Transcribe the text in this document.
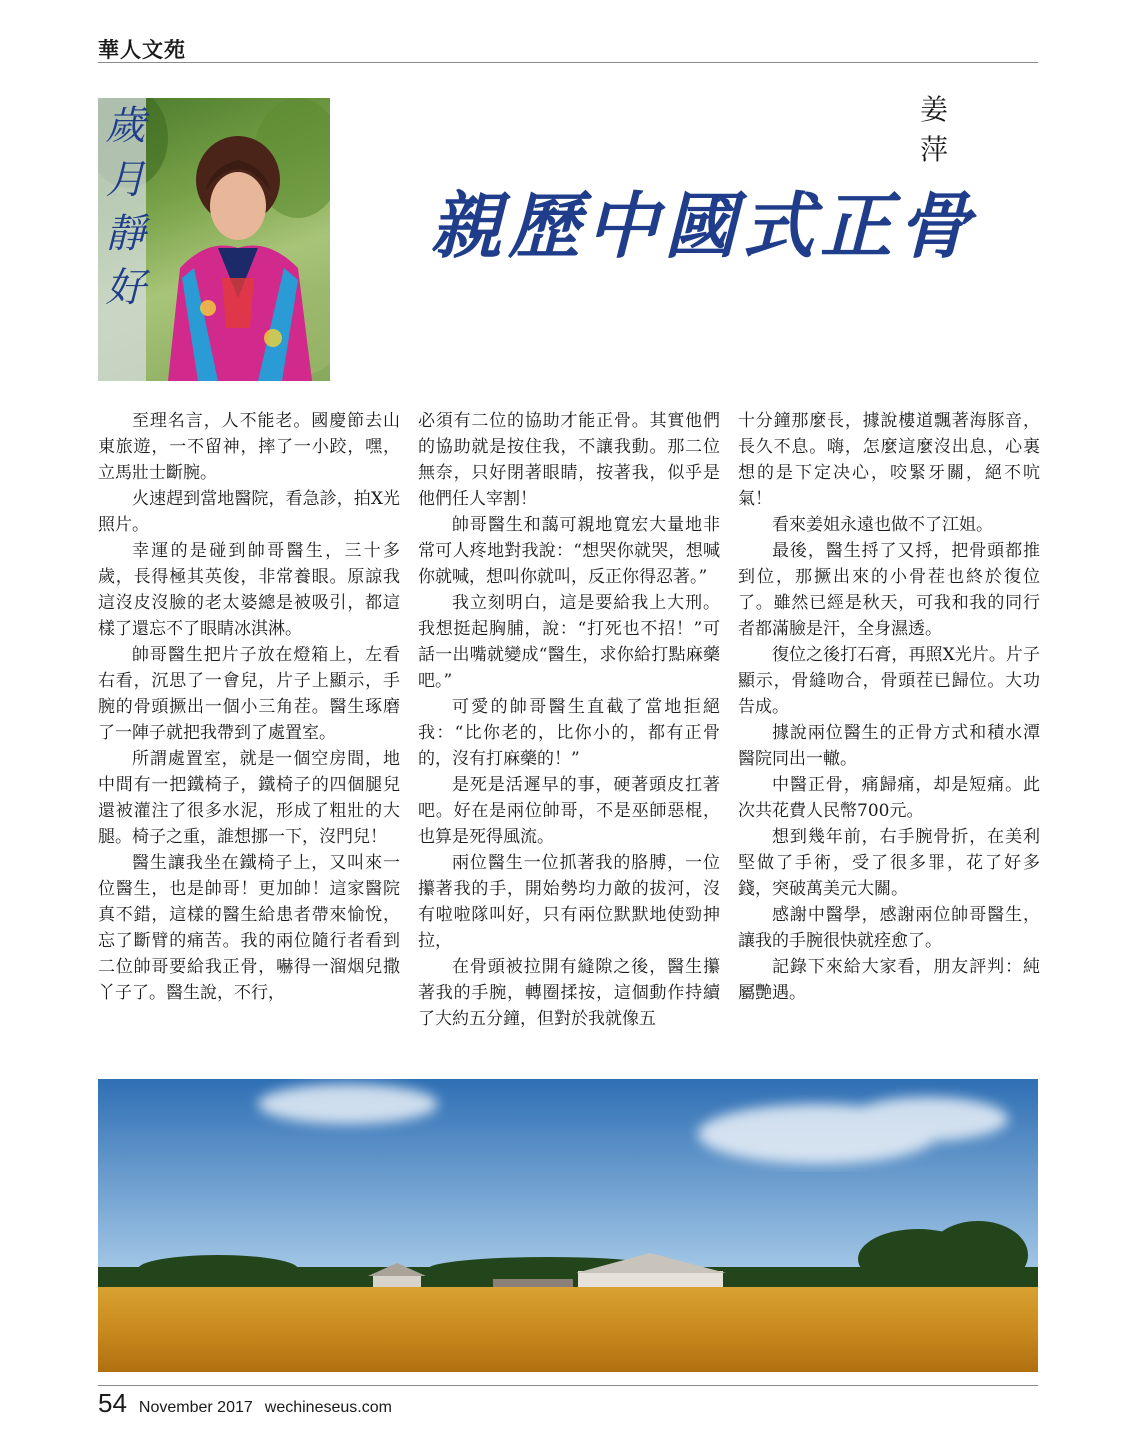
華人文苑
歲月靜好	姜 萍

親歷中國式正骨

至理名言，人不能老。國慶節去山東旅遊，一不留神，摔了一小跤，嘿，立馬壯士斷腕。

火速趕到當地醫院，看急診，拍X光照片。

幸運的是碰到帥哥醫生，三十多歲，長得極其英俊，非常養眼。原諒我這沒皮沒臉的老太婆總是被吸引，都這樣了還忘不了眼睛冰淇淋。

帥哥醫生把片子放在燈箱上，左看右看，沉思了一會兒，片子上顯示，手腕的骨頭撅出一個小三角茬。醫生琢磨了一陣子就把我帶到了處置室。

所謂處置室，就是一個空房間，地中間有一把鐵椅子，鐵椅子的四個腿兒還被灌注了很多水泥，形成了粗壯的大腿。椅子之重，誰想挪一下，沒門兒！

醫生讓我坐在鐵椅子上，又叫來一位醫生，也是帥哥！更加帥！這家醫院真不錯，這樣的醫生給患者帶來愉悅，忘了斷臂的痛苦。我的兩位隨行者看到二位帥哥要給我正骨，嚇得一溜烟兒撒丫子了。醫生說，不行，

必須有二位的協助才能正骨。其實他們的協助就是按住我，不讓我動。那二位無奈，只好閉著眼睛，按著我，似乎是他們任人宰割！

帥哥醫生和藹可親地寬宏大量地非常可人疼地對我說：“想哭你就哭，想喊你就喊，想叫你就叫，反正你得忍著。”

我立刻明白，這是要給我上大刑。我想挺起胸脯，說：“打死也不招！”可話一出嘴就變成“醫生，求你給打點麻藥吧。”

可愛的帥哥醫生直截了當地拒絕我：“比你老的，比你小的，都有正骨的，沒有打麻藥的！”

是死是活遲早的事，硬著頭皮扛著吧。好在是兩位帥哥，不是巫師惡棍，也算是死得風流。

兩位醫生一位抓著我的胳膊，一位攥著我的手，開始勢均力敵的拔河，沒有啦啦隊叫好，只有兩位默默地使勁抻拉，

在骨頭被拉開有縫隙之後，醫生攥著我的手腕，轉圈揉按，這個動作持續了大約五分鐘，但對於我就像五

十分鐘那麼長，據說樓道飄著海豚音，長久不息。嗨，怎麼這麼沒出息，心裏想的是下定决心，咬緊牙關，絕不吭氣！

看來姜姐永遠也做不了江姐。

最後，醫生捋了又捋，把骨頭都推到位，那撅出來的小骨茬也終於復位了。雖然已經是秋天，可我和我的同行者都滿臉是汗，全身濕透。

復位之後打石膏，再照X光片。片子顯示，骨縫吻合，骨頭茬已歸位。大功告成。

據說兩位醫生的正骨方式和積水潭醫院同出一轍。

中醫正骨，痛歸痛，却是短痛。此次共花費人民幣700元。

想到幾年前，右手腕骨折，在美利堅做了手術，受了很多罪，花了好多錢，突破萬美元大關。

感謝中醫學，感謝兩位帥哥醫生，讓我的手腕很快就痊愈了。

記錄下來給大家看，朋友評判：純屬艷遇。

54 November 2017 wechineseus.com
